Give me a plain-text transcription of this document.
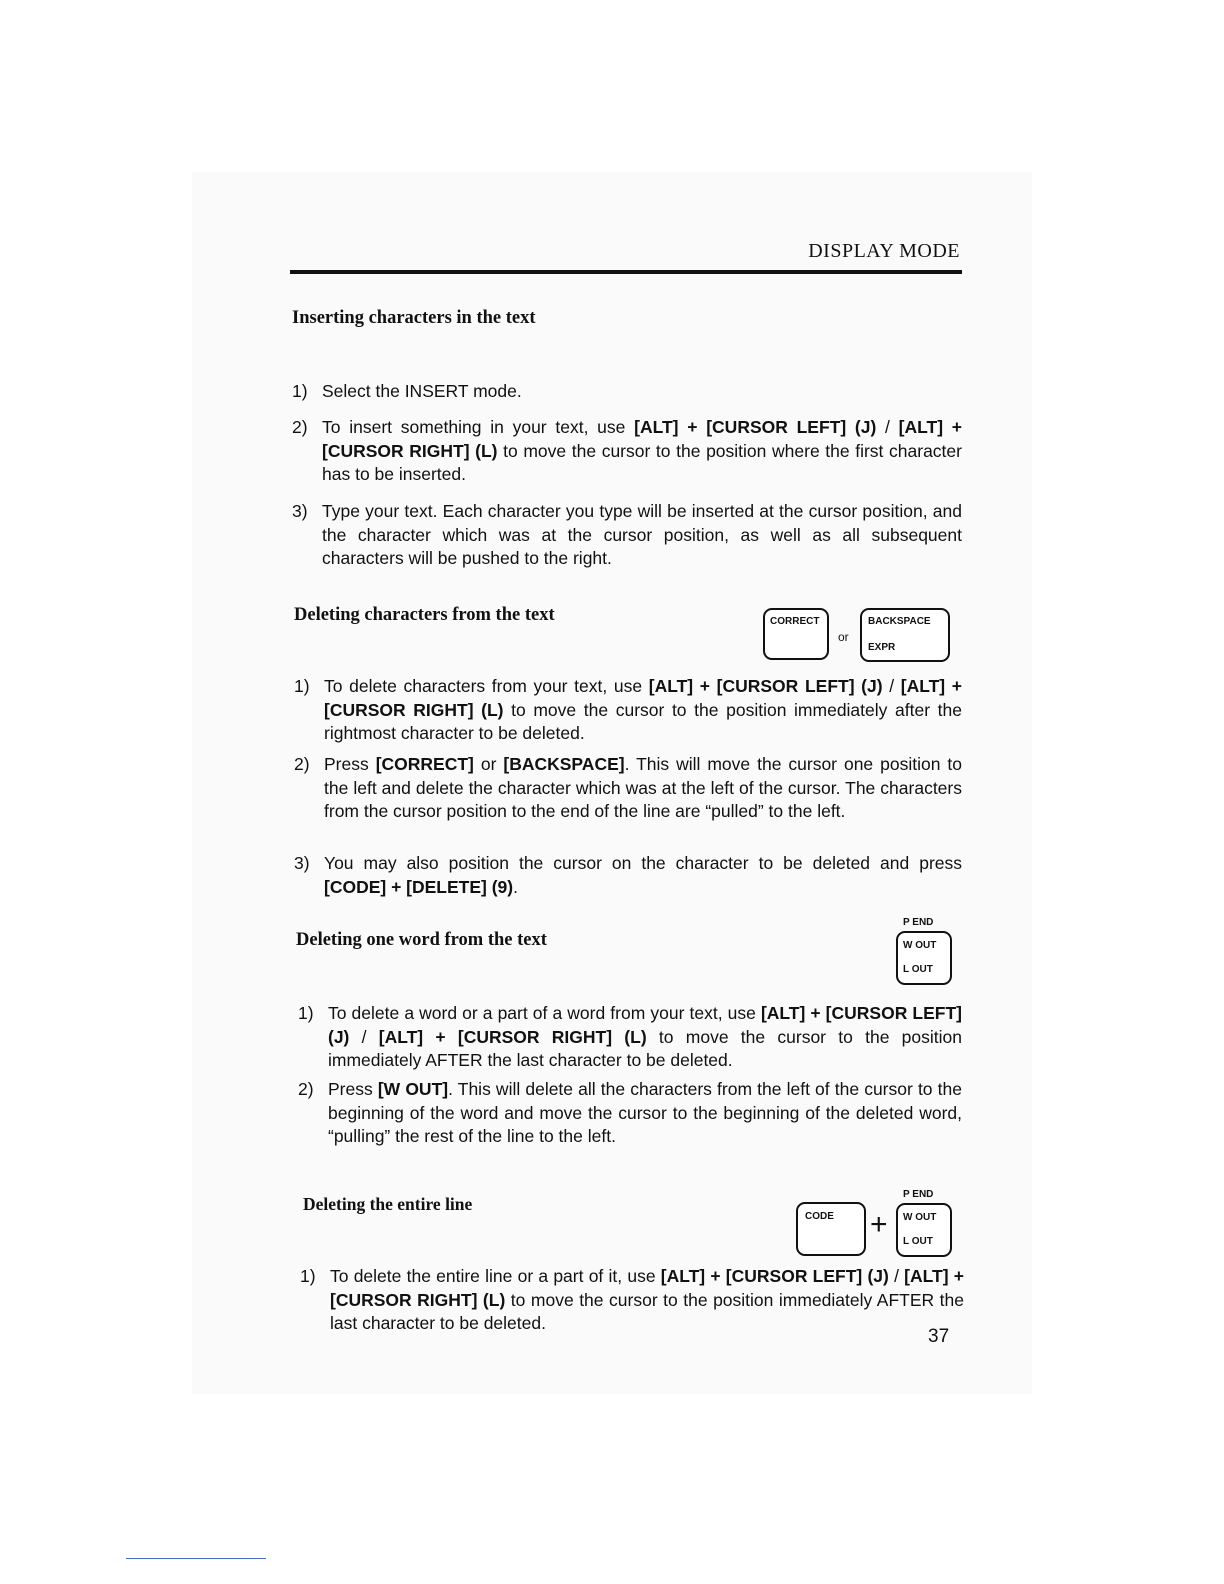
DISPLAY MODE
Inserting characters in the text
1) Select the INSERT mode.
2) To insert something in your text, use [ALT] + [CURSOR LEFT] (J) / [ALT] + [CURSOR RIGHT] (L) to move the cursor to the position where the first character has to be inserted.
3) Type your text. Each character you type will be inserted at the cursor position, and the character which was at the cursor position, as well as all subsequent characters will be pushed to the right.
Deleting characters from the text	CORRECT
or
BACKSPACE
EXPR
1) To delete characters from your text, use [ALT] + [CURSOR LEFT] (J) / [ALT] + [CURSOR RIGHT] (L) to move the cursor to the position immediately after the rightmost character to be deleted.
2) Press [CORRECT] or [BACKSPACE]. This will move the cursor one position to the left and delete the character which was at the left of the cursor. The characters from the cursor position to the end of the line are “pulled” to the left.
3) You may also position the cursor on the character to be deleted and press [CODE] + [DELETE] (9).
Deleting one word from the text
P END
W OUT
L OUT
1) To delete a word or a part of a word from your text, use [ALT] + [CURSOR LEFT] (J) / [ALT] + [CURSOR RIGHT] (L) to move the cursor to the position immediately AFTER the last character to be deleted.
2) Press [W OUT]. This will delete all the characters from the left of the cursor to the beginning of the word and move the cursor to the beginning of the deleted word, “pulling” the rest of the line to the left.
Deleting the entire line
CODE +
P END
W OUT
L OUT
1) To delete the entire line or a part of it, use [ALT] + [CURSOR LEFT] (J) / [ALT] + [CURSOR RIGHT] (L) to move the cursor to the position immediately AFTER the last character to be deleted.
37
